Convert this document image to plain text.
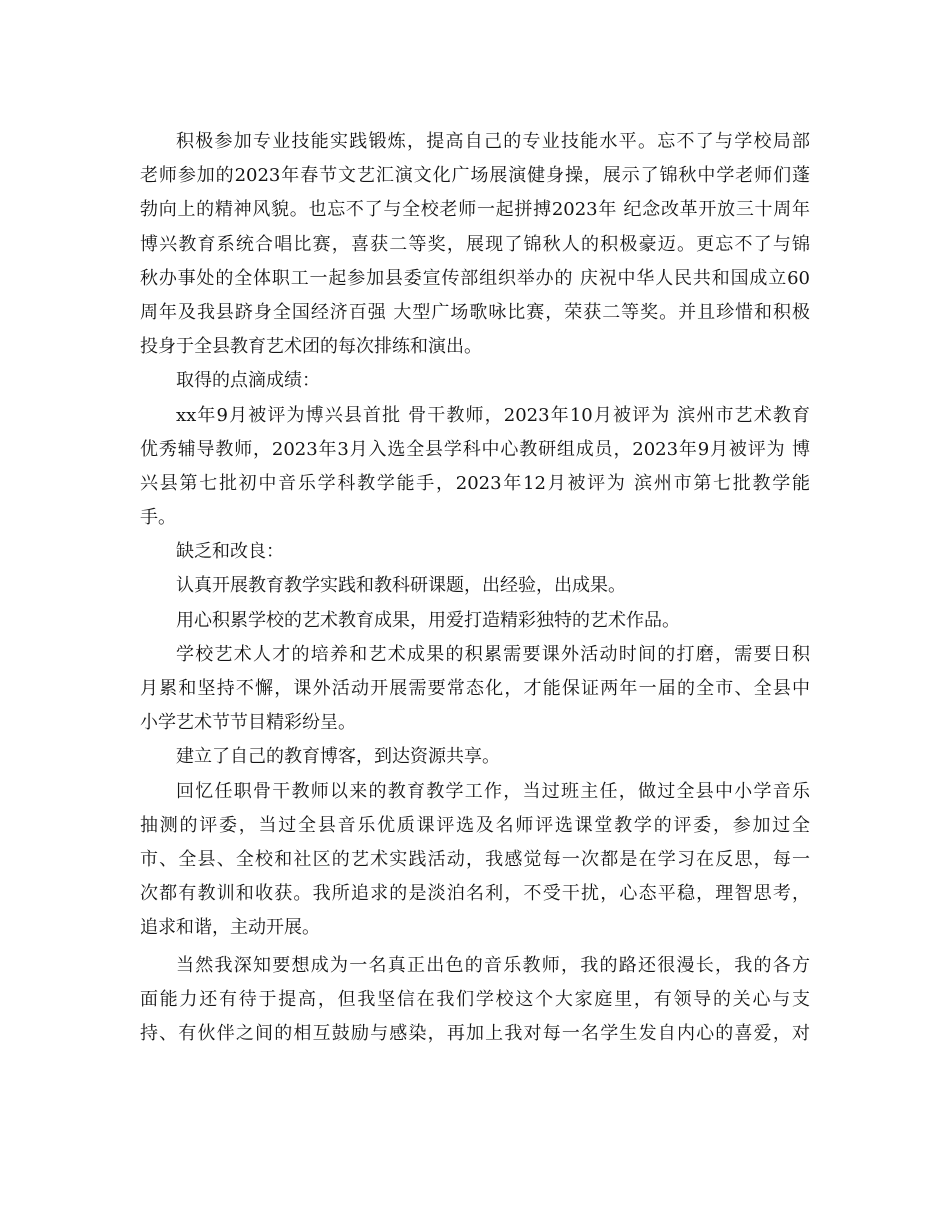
积极参加专业技能实践锻炼，提高自己的专业技能水平。忘不了与学校局部
老师参加的2023年春节文艺汇演文化广场展演健身操，展示了锦秋中学老师们蓬
勃向上的精神风貌。也忘不了与全校老师一起拼搏2023年 纪念改革开放三十周年
博兴教育系统合唱比赛，喜获二等奖，展现了锦秋人的积极豪迈。更忘不了与锦
秋办事处的全体职工一起参加县委宣传部组织举办的 庆祝中华人民共和国成立60
周年及我县跻身全国经济百强 大型广场歌咏比赛，荣获二等奖。并且珍惜和积极
投身于全县教育艺术团的每次排练和演出。
取得的点滴成绩：
xx年9月被评为博兴县首批 骨干教师，2023年10月被评为 滨州市艺术教育
优秀辅导教师，2023年3月入选全县学科中心教研组成员，2023年9月被评为 博
兴县第七批初中音乐学科教学能手，2023年12月被评为 滨州市第七批教学能
手。
缺乏和改良：
认真开展教育教学实践和教科研课题，出经验，出成果。
用心积累学校的艺术教育成果，用爱打造精彩独特的艺术作品。
学校艺术人才的培养和艺术成果的积累需要课外活动时间的打磨，需要日积
月累和坚持不懈，课外活动开展需要常态化，才能保证两年一届的全市、全县中
小学艺术节节目精彩纷呈。
建立了自己的教育博客，到达资源共享。
回忆任职骨干教师以来的教育教学工作，当过班主任，做过全县中小学音乐
抽测的评委，当过全县音乐优质课评选及名师评选课堂教学的评委，参加过全
市、全县、全校和社区的艺术实践活动，我感觉每一次都是在学习在反思，每一
次都有教训和收获。我所追求的是淡泊名利，不受干扰，心态平稳，理智思考，
追求和谐，主动开展。
当然我深知要想成为一名真正出色的音乐教师，我的路还很漫长，我的各方
面能力还有待于提高，但我坚信在我们学校这个大家庭里，有领导的关心与支
持、有伙伴之间的相互鼓励与感染，再加上我对每一名学生发自内心的喜爱，对
